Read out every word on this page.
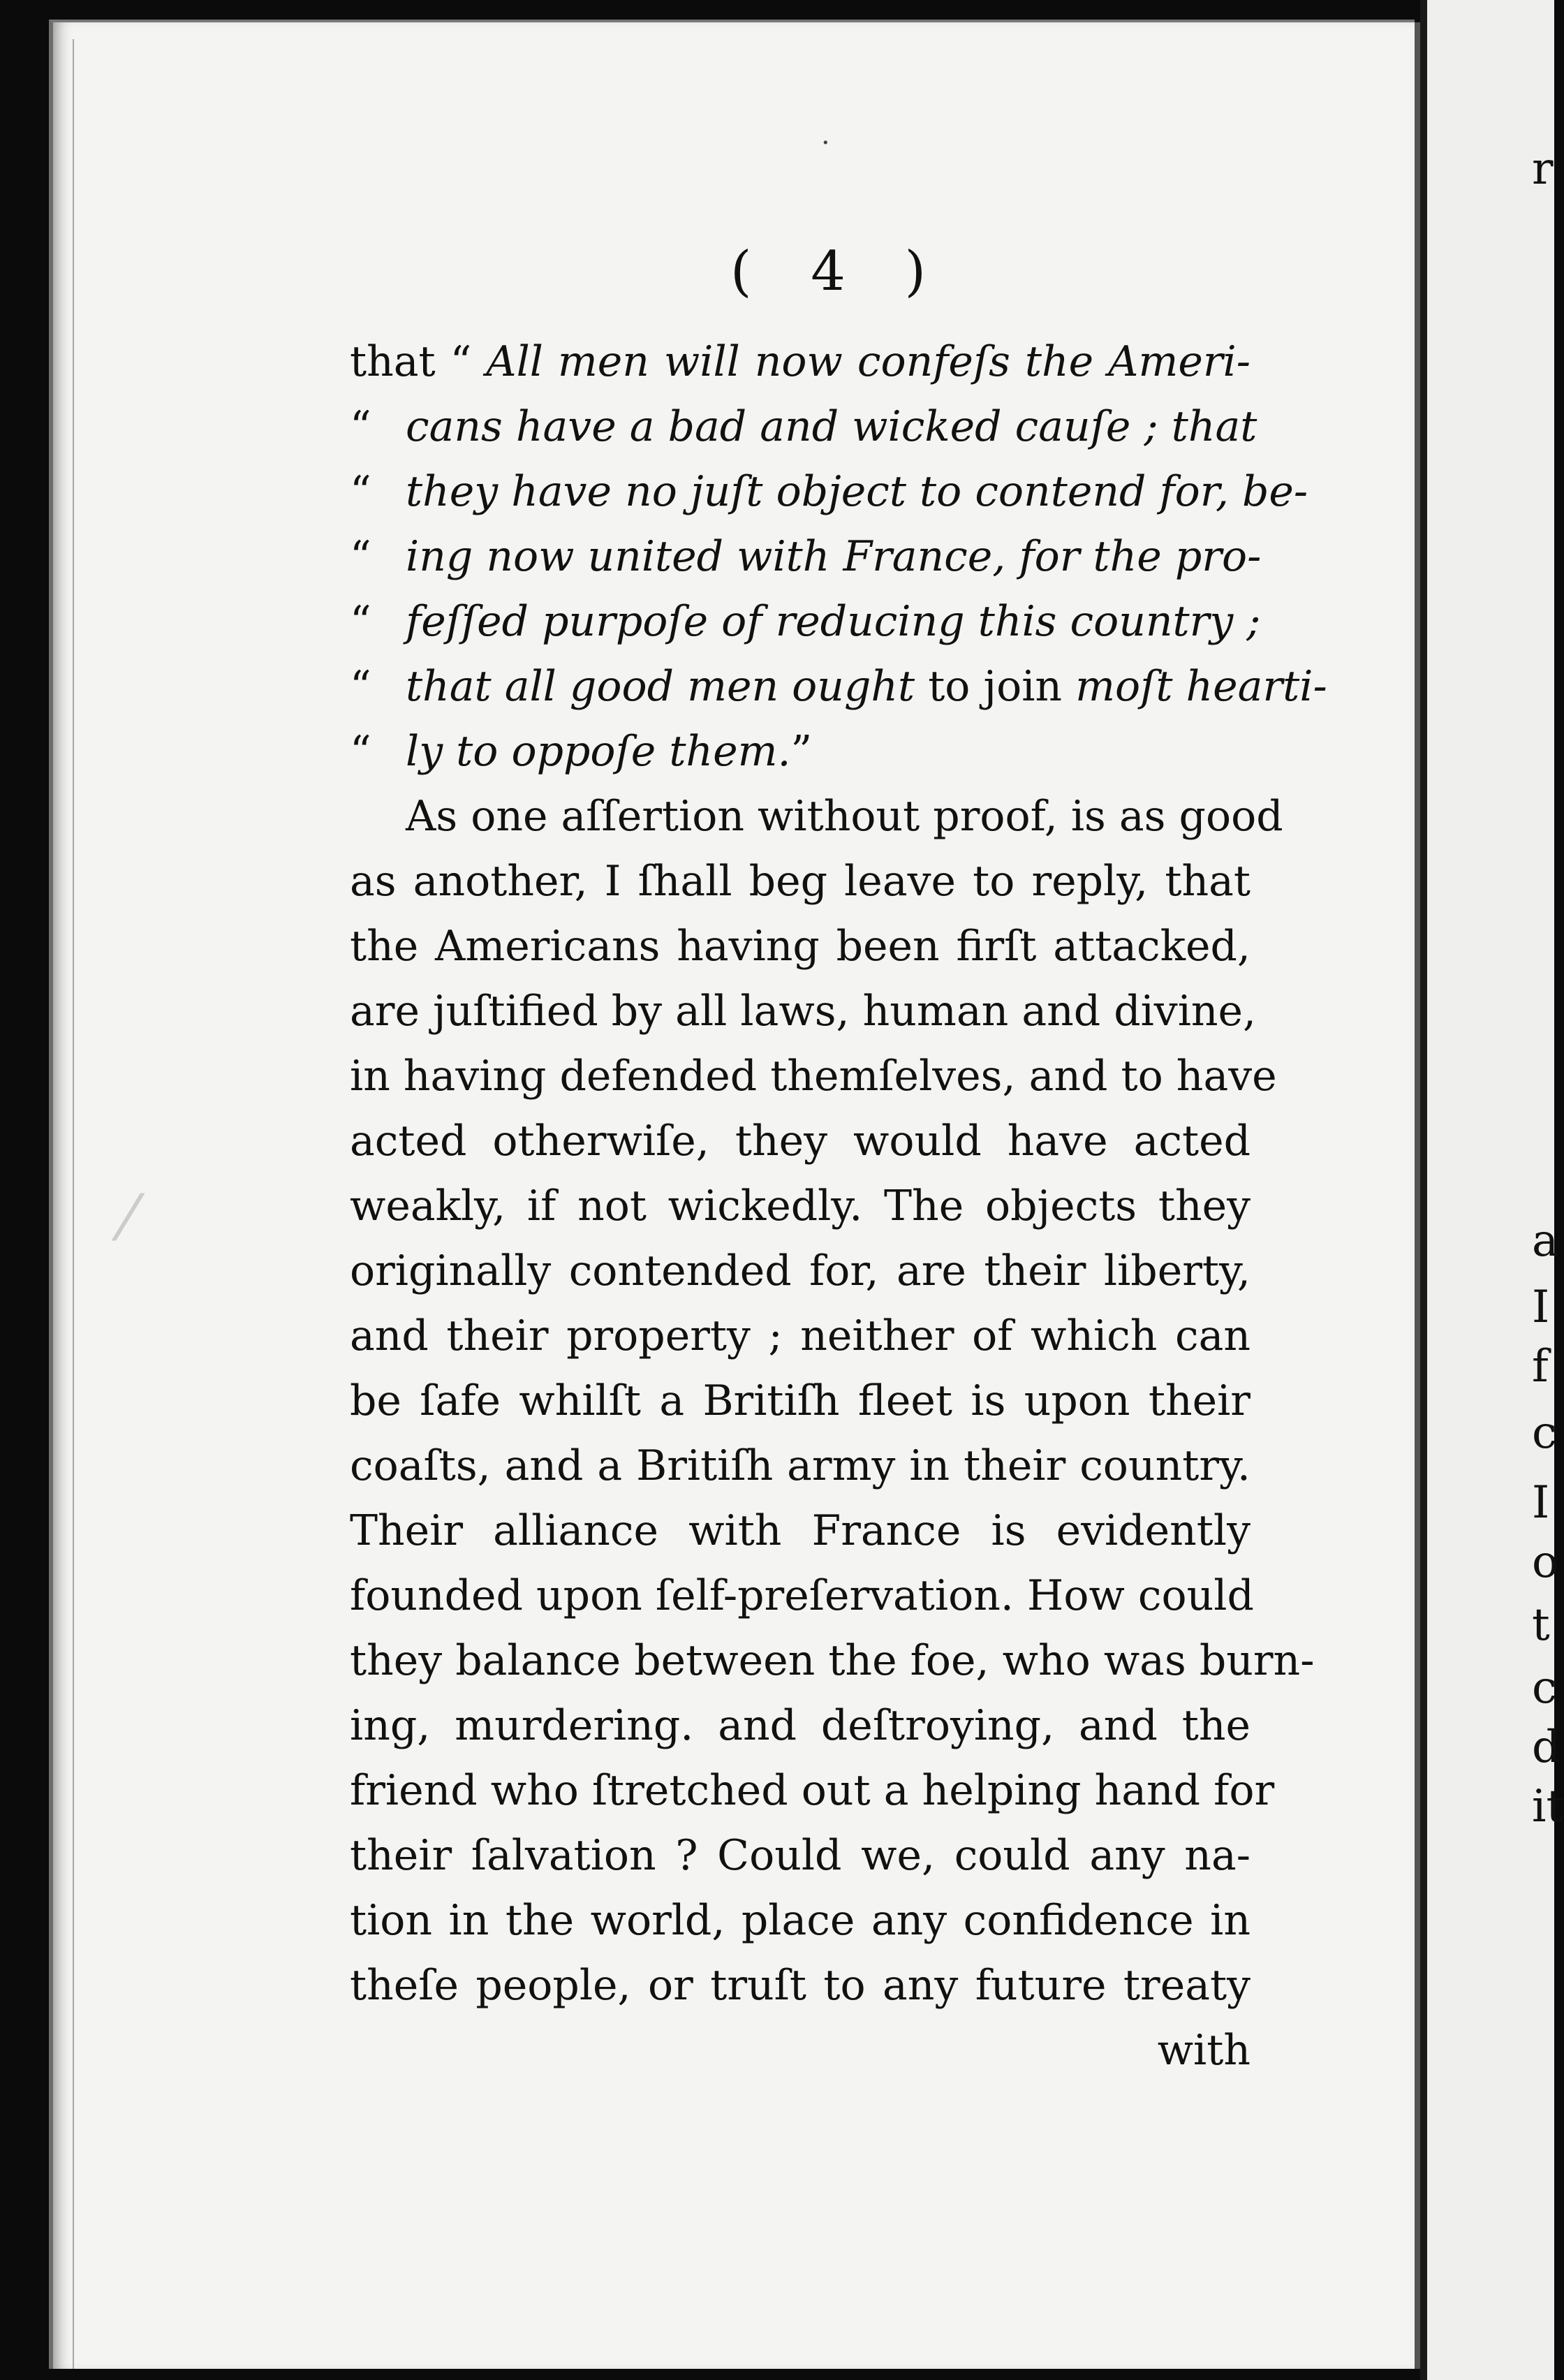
( 4 )
that “ All men will now confeſs the Ameri-
“cans have a bad and wicked cauſe ; that
“they have no juſt object to contend for, be-
“ing now united with France, for the pro-
“feſſed purpoſe of reducing this country ;
“that all good men ought to join moſt hearti-
“ly to oppoſe them.”
As one aſſertion without proof, is as good
as another, I ſhall beg leave to reply, that
the Americans having been firſt attacked,
are juſtified by all laws, human and divine,
in having defended themſelves, and to have
acted otherwiſe, they would have acted
weakly, if not wickedly. The objects they
originally contended for, are their liberty,
and their property ; neither of which can
be ſafe whilſt a Britiſh fleet is upon their
coaſts, and a Britiſh army in their country.
Their alliance with France is evidently
founded upon ſelf-preſervation. How could
they balance between the foe, who was burn-
ing, murdering. and deſtroying, and the
friend who ſtretched out a helping hand for
their ſalvation ? Could we, could any na-
tion in the world, place any confidence in
theſe people, or truſt to any future treaty
with
·
⁄
r
a
I
f
c
I
o
t
c
d
it
